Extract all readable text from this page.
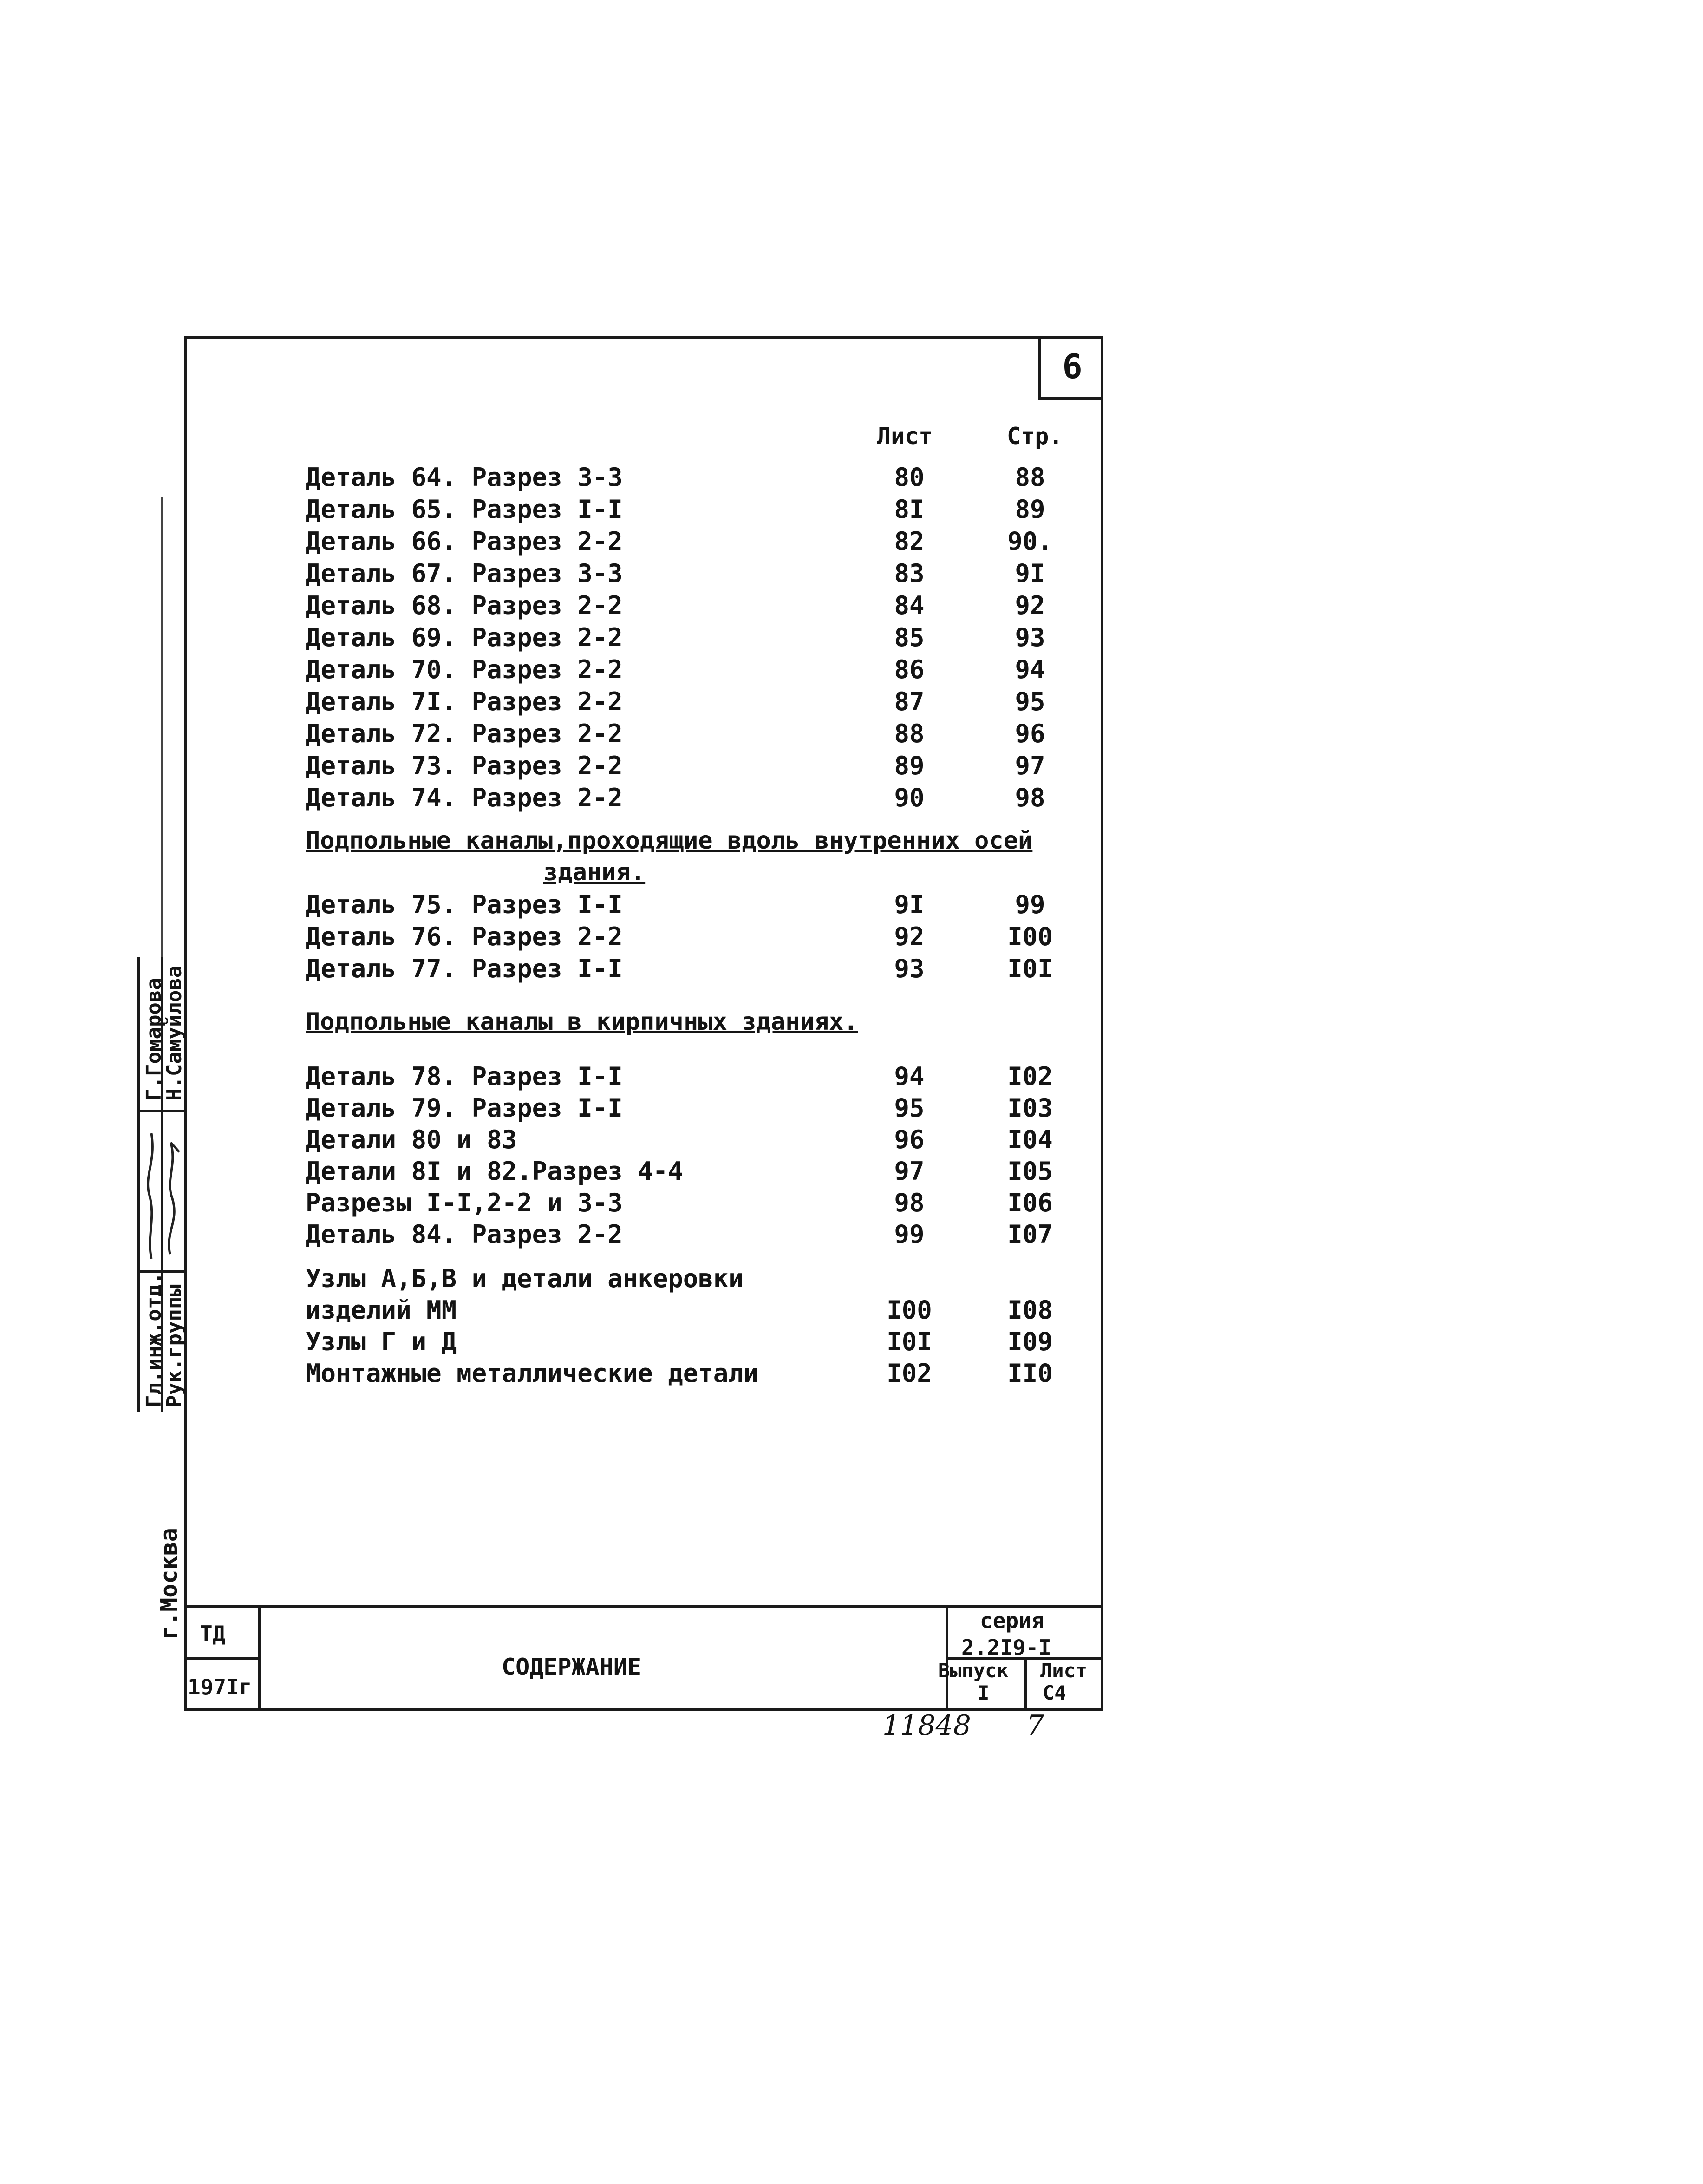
6
Лист	Стр.
Деталь 64. Разрез 3-3	80	88
Деталь 65. Разрез I-I	8I	89
Деталь 66. Разрез 2-2	82	90.
Деталь 67. Разрез 3-3	83	9I
Деталь 68. Разрез 2-2	84	92
Деталь 69. Разрез 2-2	85	93
Деталь 70. Разрез 2-2	86	94
Деталь 7I. Разрез 2-2	87	95
Деталь 72. Разрез 2-2	88	96
Деталь 73. Разрез 2-2	89	97
Деталь 74. Разрез 2-2	90	98
Деталь 75. Разрез I-I	9I	99
Деталь 76. Разрез 2-2	92	I00
Деталь 77. Разрез I-I	93	I0I
Деталь 78. Разрез I-I	94	I02
Деталь 79. Разрез I-I	95	I03
Детали 80 и 83	96	I04
Детали 8I и 82.Разрез 4-4	97	I05
Разрезы I-I,2-2 и 3-3	98	I06
Деталь 84. Разрез 2-2	99	I07
Узлы А,Б,В и детали анкеровки
изделий ММ	I00	I08
Узлы Г и Д	I0I	I09
Монтажные металлические детали	I02	II0
Подпольные каналы,проходящие вдоль внутренних осей
здания.
Подпольные каналы в кирпичных зданиях.
Гл.инж.отд.
Рук.группы
Г.Гомарова
Н.Самуйлова
г.Москва ТД
197Iг
СОДЕРЖАНИЕ
серия
2.2I9-I
Выпуск
I
Лист
С4
11848 7
